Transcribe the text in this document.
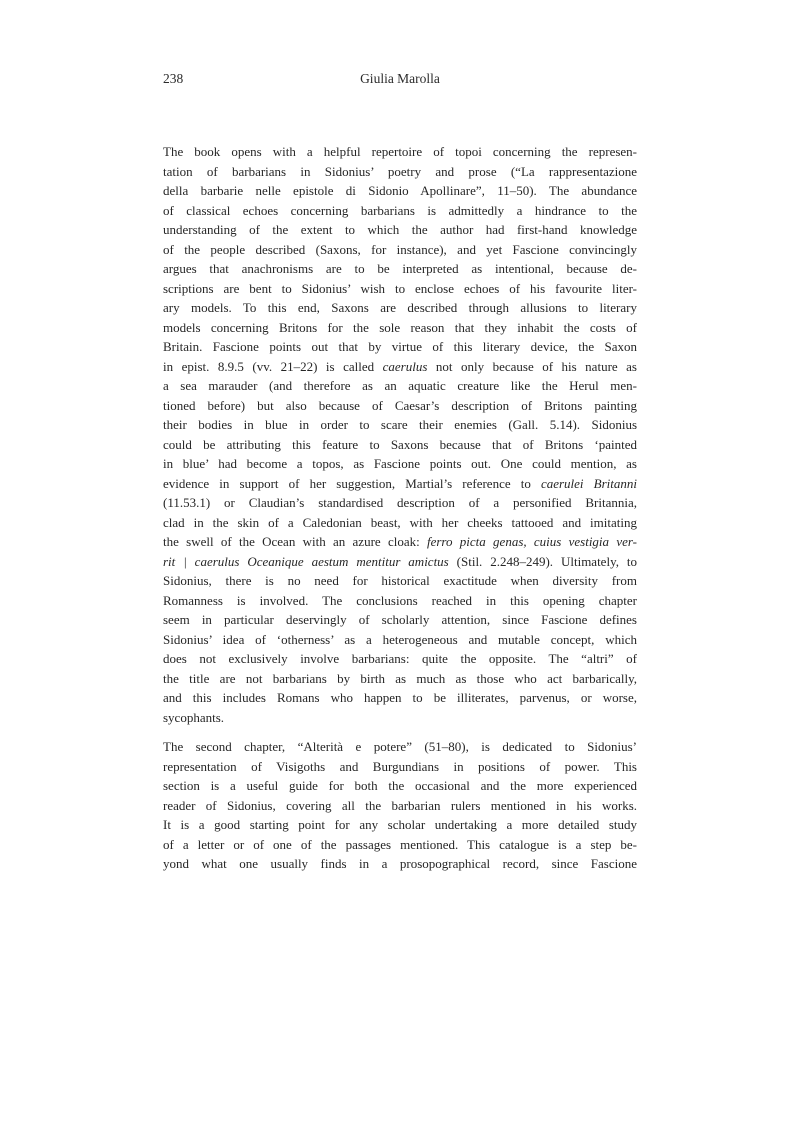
238	Giulia Marolla
The book opens with a helpful repertoire of topoi concerning the represen-
tation of barbarians in Sidonius’ poetry and prose (“La rappresentazione
della barbarie nelle epistole di Sidonio Apollinare”, 11–50). The abundance
of classical echoes concerning barbarians is admittedly a hindrance to the
understanding of the extent to which the author had first-hand knowledge
of the people described (Saxons, for instance), and yet Fascione convincingly
argues that anachronisms are to be interpreted as intentional, because de-
scriptions are bent to Sidonius’ wish to enclose echoes of his favourite liter-
ary models. To this end, Saxons are described through allusions to literary
models concerning Britons for the sole reason that they inhabit the costs of
Britain. Fascione points out that by virtue of this literary device, the Saxon
in epist. 8.9.5 (vv. 21–22) is called caerulus not only because of his nature as
a sea marauder (and therefore as an aquatic creature like the Herul men-
tioned before) but also because of Caesar’s description of Britons painting
their bodies in blue in order to scare their enemies (Gall. 5.14). Sidonius
could be attributing this feature to Saxons because that of Britons ‘painted
in blue’ had become a topos, as Fascione points out. One could mention, as
evidence in support of her suggestion, Martial’s reference to caerulei Britanni
(11.53.1) or Claudian’s standardised description of a personified Britannia,
clad in the skin of a Caledonian beast, with her cheeks tattooed and imitating
the swell of the Ocean with an azure cloak: ferro picta genas, cuius vestigia ver-
rit | caerulus Oceanique aestum mentitur amictus (Stil. 2.248–249). Ultimately, to
Sidonius, there is no need for historical exactitude when diversity from
Romanness is involved. The conclusions reached in this opening chapter
seem in particular deservingly of scholarly attention, since Fascione defines
Sidonius’ idea of ‘otherness’ as a heterogeneous and mutable concept, which
does not exclusively involve barbarians: quite the opposite. The “altri” of
the title are not barbarians by birth as much as those who act barbarically,
and this includes Romans who happen to be illiterates, parvenus, or worse,
sycophants.
The second chapter, “Alterità e potere” (51–80), is dedicated to Sidonius’
representation of Visigoths and Burgundians in positions of power. This
section is a useful guide for both the occasional and the more experienced
reader of Sidonius, covering all the barbarian rulers mentioned in his works.
It is a good starting point for any scholar undertaking a more detailed study
of a letter or of one of the passages mentioned. This catalogue is a step be-
yond what one usually finds in a prosopographical record, since Fascione
